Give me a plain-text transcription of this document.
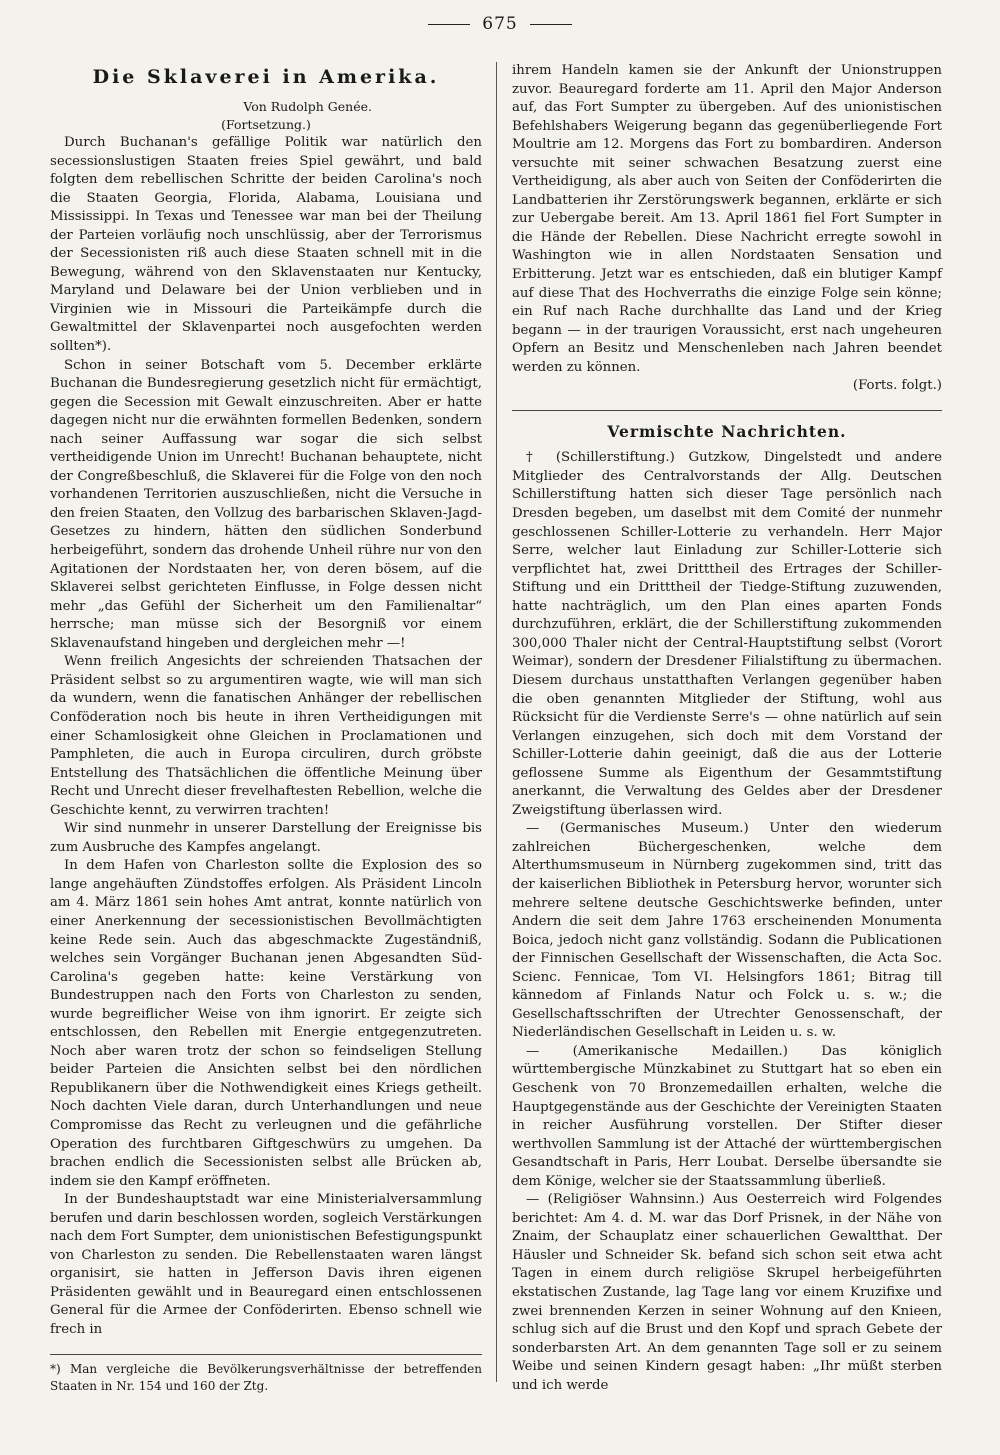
675
Die Sklaverei in Amerika.
Von Rudolph Genée.
(Fortsetzung.)

Durch Buchanan's gefällige Politik war natürlich den secessionslustigen Staaten freies Spiel gewährt, und bald folgten dem rebellischen Schritte der beiden Carolina's noch die Staaten Georgia, Florida, Alabama, Louisiana und Mississippi. In Texas und Tenessee war man bei der Theilung der Parteien vorläufig noch unschlüssig, aber der Terrorismus der Secessionisten riß auch diese Staaten schnell mit in die Bewegung, während von den Sklavenstaaten nur Kentucky, Maryland und Delaware bei der Union verblieben und in Virginien wie in Missouri die Parteikämpfe durch die Gewaltmittel der Sklavenpartei noch ausgefochten werden sollten*).

Schon in seiner Botschaft vom 5. December erklärte Buchanan die Bundesregierung gesetzlich nicht für ermächtigt, gegen die Secession mit Gewalt einzuschreiten. Aber er hatte dagegen nicht nur die erwähnten formellen Bedenken, sondern nach seiner Auffassung war sogar die sich selbst vertheidigende Union im Unrecht! Buchanan behauptete, nicht der Congreßbeschluß, die Sklaverei für die Folge von den noch vorhandenen Territorien auszuschließen, nicht die Versuche in den freien Staaten, den Vollzug des barbarischen Sklaven-Jagd-Gesetzes zu hindern, hätten den südlichen Sonderbund herbeigeführt, sondern das drohende Unheil rühre nur von den Agitationen der Nordstaaten her, von deren bösem, auf die Sklaverei selbst gerichteten Einflusse, in Folge dessen nicht mehr „das Gefühl der Sicherheit um den Familienaltar“ herrsche; man müsse sich der Besorgniß vor einem Sklavenaufstand hingeben und dergleichen mehr —!

Wenn freilich Angesichts der schreienden Thatsachen der Präsident selbst so zu argumentiren wagte, wie will man sich da wundern, wenn die fanatischen Anhänger der rebellischen Conföderation noch bis heute in ihren Vertheidigungen mit einer Schamlosigkeit ohne Gleichen in Proclamationen und Pamphleten, die auch in Europa circuliren, durch gröbste Entstellung des Thatsächlichen die öffentliche Meinung über Recht und Unrecht dieser frevelhaftesten Rebellion, welche die Geschichte kennt, zu verwirren trachten!

Wir sind nunmehr in unserer Darstellung der Ereignisse bis zum Ausbruche des Kampfes angelangt.

In dem Hafen von Charleston sollte die Explosion des so lange angehäuften Zündstoffes erfolgen. Als Präsident Lincoln am 4. März 1861 sein hohes Amt antrat, konnte natürlich von einer Anerkennung der secessionistischen Bevollmächtigten keine Rede sein. Auch das abgeschmackte Zugeständniß, welches sein Vorgänger Buchanan jenen Abgesandten Süd-Carolina's gegeben hatte: keine Verstärkung von Bundestruppen nach den Forts von Charleston zu senden, wurde begreiflicher Weise von ihm ignorirt. Er zeigte sich entschlossen, den Rebellen mit Energie entgegenzutreten. Noch aber waren trotz der schon so feindseligen Stellung beider Parteien die Ansichten selbst bei den nördlichen Republikanern über die Nothwendigkeit eines Kriegs getheilt. Noch dachten Viele daran, durch Unterhandlungen und neue Compromisse das Recht zu verleugnen und die gefährliche Operation des furchtbaren Giftgeschwürs zu umgehen. Da brachen endlich die Secessionisten selbst alle Brücken ab, indem sie den Kampf eröffneten.

In der Bundeshauptstadt war eine Ministerialversammlung berufen und darin beschlossen worden, sogleich Verstärkungen nach dem Fort Sumpter, dem unionistischen Befestigungspunkt von Charleston zu senden. Die Rebellenstaaten waren längst organisirt, sie hatten in Jefferson Davis ihren eigenen Präsidenten gewählt und in Beauregard einen entschlossenen General für die Armee der Conföderirten. Ebenso schnell wie frech in

*) Man vergleiche die Bevölkerungsverhältnisse der betreffenden Staaten in Nr. 154 und 160 der Ztg.

ihrem Handeln kamen sie der Ankunft der Unionstruppen zuvor. Beauregard forderte am 11. April den Major Anderson auf, das Fort Sumpter zu übergeben. Auf des unionistischen Befehlshabers Weigerung begann das gegenüberliegende Fort Moultrie am 12. Morgens das Fort zu bombardiren. Anderson versuchte mit seiner schwachen Besatzung zuerst eine Vertheidigung, als aber auch von Seiten der Conföderirten die Landbatterien ihr Zerstörungswerk begannen, erklärte er sich zur Uebergabe bereit. Am 13. April 1861 fiel Fort Sumpter in die Hände der Rebellen. Diese Nachricht erregte sowohl in Washington wie in allen Nordstaaten Sensation und Erbitterung. Jetzt war es entschieden, daß ein blutiger Kampf auf diese That des Hochverraths die einzige Folge sein könne; ein Ruf nach Rache durchhallte das Land und der Krieg begann — in der traurigen Voraussicht, erst nach ungeheuren Opfern an Besitz und Menschenleben nach Jahren beendet werden zu können.

(Forts. folgt.)
Vermischte Nachrichten.

† (Schillerstiftung.) Gutzkow, Dingelstedt und andere Mitglieder des Centralvorstands der Allg. Deutschen Schillerstiftung hatten sich dieser Tage persönlich nach Dresden begeben, um daselbst mit dem Comité der nunmehr geschlossenen Schiller-Lotterie zu verhandeln. Herr Major Serre, welcher laut Einladung zur Schiller-Lotterie sich verpflichtet hat, zwei Dritttheil des Ertrages der Schiller-Stiftung und ein Dritttheil der Tiedge-Stiftung zuzuwenden, hatte nachträglich, um den Plan eines aparten Fonds durchzuführen, erklärt, die der Schillerstiftung zukommenden 300,000 Thaler nicht der Central-Hauptstiftung selbst (Vorort Weimar), sondern der Dresdener Filialstiftung zu übermachen. Diesem durchaus unstatthaften Verlangen gegenüber haben die oben genannten Mitglieder der Stiftung, wohl aus Rücksicht für die Verdienste Serre's — ohne natürlich auf sein Verlangen einzugehen, sich doch mit dem Vorstand der Schiller-Lotterie dahin geeinigt, daß die aus der Lotterie geflossene Summe als Eigenthum der Gesammtstiftung anerkannt, die Verwaltung des Geldes aber der Dresdener Zweigstiftung überlassen wird.

— (Germanisches Museum.) Unter den wiederum zahlreichen Büchergeschenken, welche dem Alterthumsmuseum in Nürnberg zugekommen sind, tritt das der kaiserlichen Bibliothek in Petersburg hervor, worunter sich mehrere seltene deutsche Geschichtswerke befinden, unter Andern die seit dem Jahre 1763 erscheinenden Monumenta Boica, jedoch nicht ganz vollständig. Sodann die Publicationen der Finnischen Gesellschaft der Wissenschaften, die Acta Soc. Scienc. Fennicae, Tom VI. Helsingfors 1861; Bitrag till kännedom af Finlands Natur och Folck u. s. w.; die Gesellschaftsschriften der Utrechter Genossenschaft, der Niederländischen Gesellschaft in Leiden u. s. w.

— (Amerikanische Medaillen.) Das königlich württembergische Münzkabinet zu Stuttgart hat so eben ein Geschenk von 70 Bronzemedaillen erhalten, welche die Hauptgegenstände aus der Geschichte der Vereinigten Staaten in reicher Ausführung vorstellen. Der Stifter dieser werthvollen Sammlung ist der Attaché der württembergischen Gesandtschaft in Paris, Herr Loubat. Derselbe übersandte sie dem Könige, welcher sie der Staatssammlung überließ.

— (Religiöser Wahnsinn.) Aus Oesterreich wird Folgendes berichtet: Am 4. d. M. war das Dorf Prisnek, in der Nähe von Znaim, der Schauplatz einer schauerlichen Gewaltthat. Der Häusler und Schneider Sk. befand sich schon seit etwa acht Tagen in einem durch religiöse Skrupel herbeigeführten ekstatischen Zustande, lag Tage lang vor einem Kruzifixe und zwei brennenden Kerzen in seiner Wohnung auf den Knieen, schlug sich auf die Brust und den Kopf und sprach Gebete der sonderbarsten Art. An dem genannten Tage soll er zu seinem Weibe und seinen Kindern gesagt haben: „Ihr müßt sterben und ich werde
